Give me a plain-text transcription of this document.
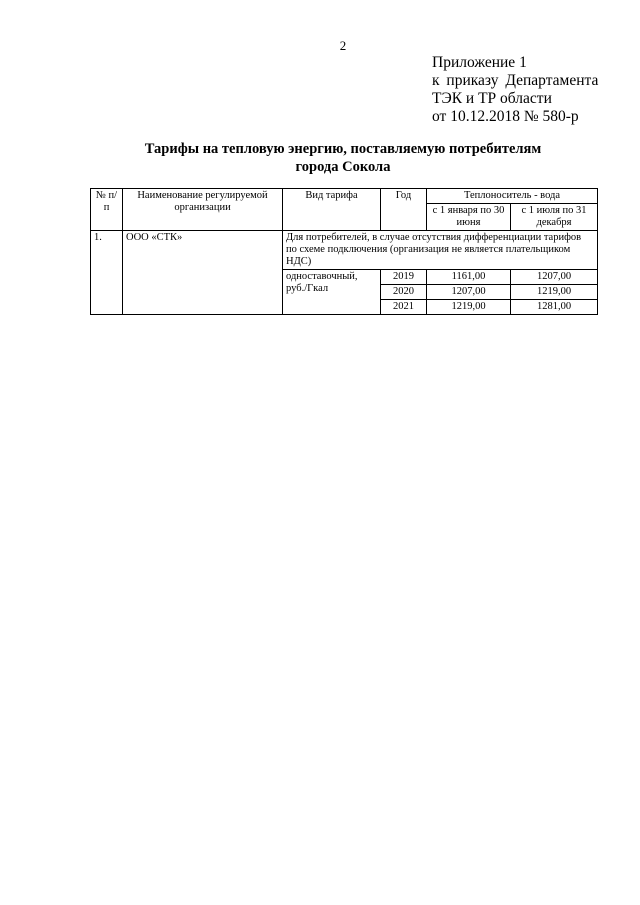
2
Приложение 1
к приказу Департамента
ТЭК и ТР области
от 10.12.2018 № 580-р
Тарифы на тепловую энергию, поставляемую потребителям
города Сокола
№ п/п	Наименование регулируемой организации	Вид тарифа	Год	Теплоноситель - вода	
				с 1 января по 30 июня	с 1 июля по 31 декабря
1.	ООО «СТК»	Для потребителей, в случае отсутствия дифференциации тарифов по схеме подключения (организация не является плательщиком НДС)			
		одноставочный, руб./Гкал	2019	1161,00	1207,00
			2020	1207,00	1219,00
			2021	1219,00	1281,00
